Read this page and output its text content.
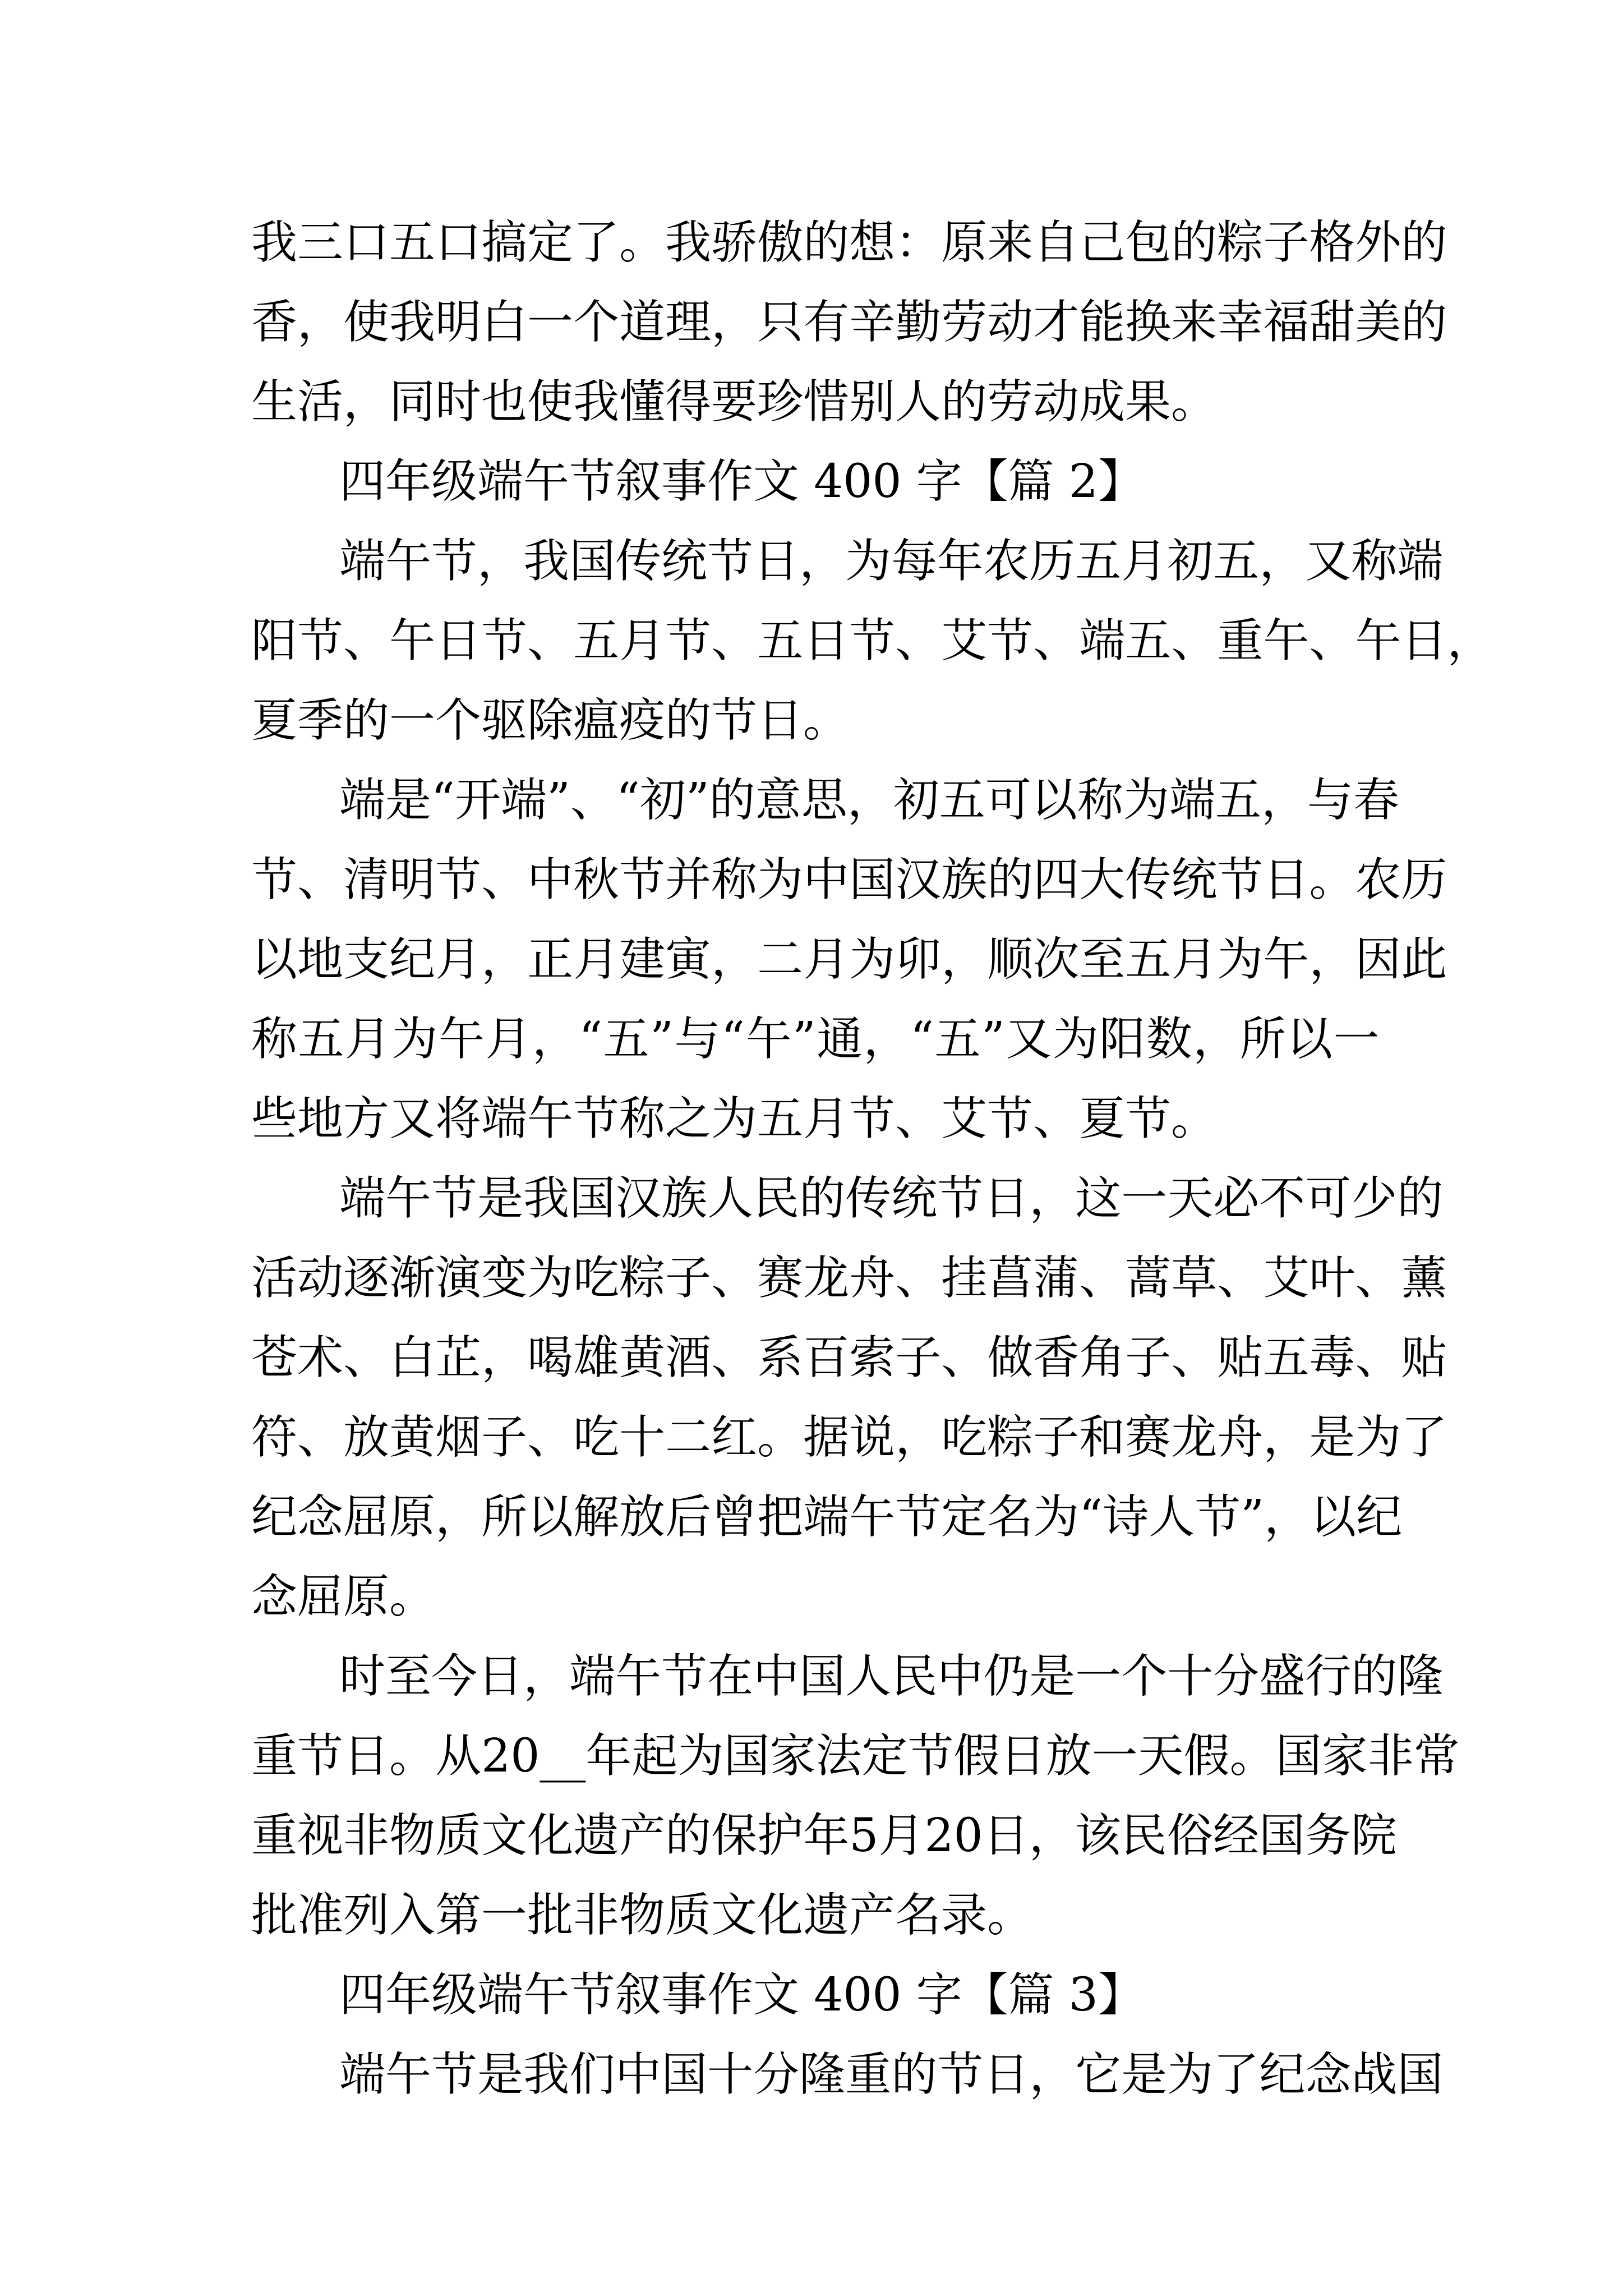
我 三 口 五 口 搞 定 了 。 我 骄 傲 的 想 ： 原 来 自 己 包 的 粽 子 格 外 的
香 ， 使 我 明 白 一 个 道 理 ， 只 有 辛 勤 劳 动 才 能 换 来 幸 福 甜 美 的
生活，同时也使我懂得要珍惜别人的劳动成果。
四年级端午节叙事作文 400 字【篇 2】
端 午 节 ， 我 国 传 统 节 日 ， 为 每 年 农 历 五 月 初 五 ， 又 称 端
阳 节 、 午 日 节 、 五 月 节 、 五 日 节 、 艾 节 、 端 五 、 重 午 、 午 日 ，
夏季的一个驱除瘟疫的节日。
端 是 “ 开 端 ” 、 “ 初 ” 的 意 思 ， 初 五 可 以 称 为 端 五 ， 与 春
节 、 清 明 节 、 中 秋 节 并 称 为 中 国 汉 族 的 四 大 传 统 节 日 。 农 历
以 地 支 纪 月 ， 正 月 建 寅 ， 二 月 为 卯 ， 顺 次 至 五 月 为 午 ， 因 此
称 五 月 为 午 月 ， “ 五 ” 与 “ 午 ” 通 ， “ 五 ” 又 为 阳 数 ， 所 以 一
些地方又将端午节称之为五月节、艾节、夏节。
端 午 节 是 我 国 汉 族 人 民 的 传 统 节 日 ， 这 一 天 必 不 可 少 的
活 动 逐 渐 演 变 为 吃 粽 子 、 赛 龙 舟 、 挂 菖 蒲 、 蒿 草 、 艾 叶 、 薰
苍 术 、 白 芷 ， 喝 雄 黄 酒 、 系 百 索 子 、 做 香 角 子 、 贴 五 毒 、 贴
符 、 放 黄 烟 子 、 吃 十 二 红 。 据 说 ， 吃 粽 子 和 赛 龙 舟 ， 是 为 了
纪 念 屈 原 ， 所 以 解 放 后 曾 把 端 午 节 定 名 为 “ 诗 人 节 ” ， 以 纪
念屈原。
时 至 今 日 ， 端 午 节 在 中 国 人 民 中 仍 是 一 个 十 分 盛 行 的 隆
重 节 日 。 从 20__ 年 起 为 国 家 法 定 节 假 日 放 一 天 假 。 国 家 非 常
重 视 非 物 质 文 化 遗 产 的 保 护 年 5 月 20 日 ， 该 民 俗 经 国 务 院
批准列入第一批非物质文化遗产名录。
四年级端午节叙事作文 400 字【篇 3】
端 午 节 是 我 们 中 国 十 分 隆 重 的 节 日 ， 它 是 为 了 纪 念 战 国
